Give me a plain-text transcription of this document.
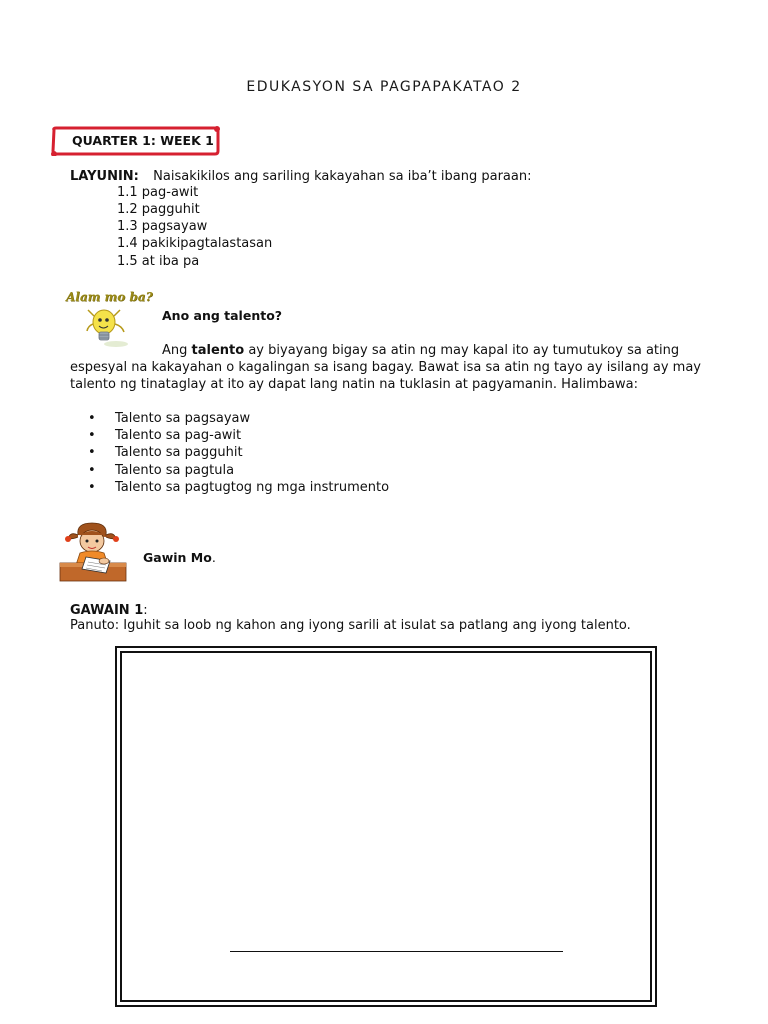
EDUKASYON SA PAGPAPAKATAO 2
QUARTER 1: WEEK 1
LAYUNIN: Naisakikilos ang sariling kakayahan sa iba’t ibang paraan:
1.1 pag-awit
1.2 pagguhit
1.3 pagsayaw
1.4 pakikipagtalastasan
1.5 at iba pa
Alam mo ba?
Ano ang talento?
Ang talento ay biyayang bigay sa atin ng may kapal ito ay tumutukoy sa ating espesyal na kakayahan o kagalingan sa isang bagay. Bawat isa sa atin ng tayo ay isilang ay may talento ng tinataglay at ito ay dapat lang natin na tuklasin at pagyamanin. Halimbawa:
• Talento sa pagsayaw
• Talento sa pag-awit
• Talento sa pagguhit
• Talento sa pagtula
• Talento sa pagtugtog ng mga instrumento
Gawin Mo.
GAWAIN 1:
Panuto: Iguhit sa loob ng kahon ang iyong sarili at isulat sa patlang ang iyong talento.
